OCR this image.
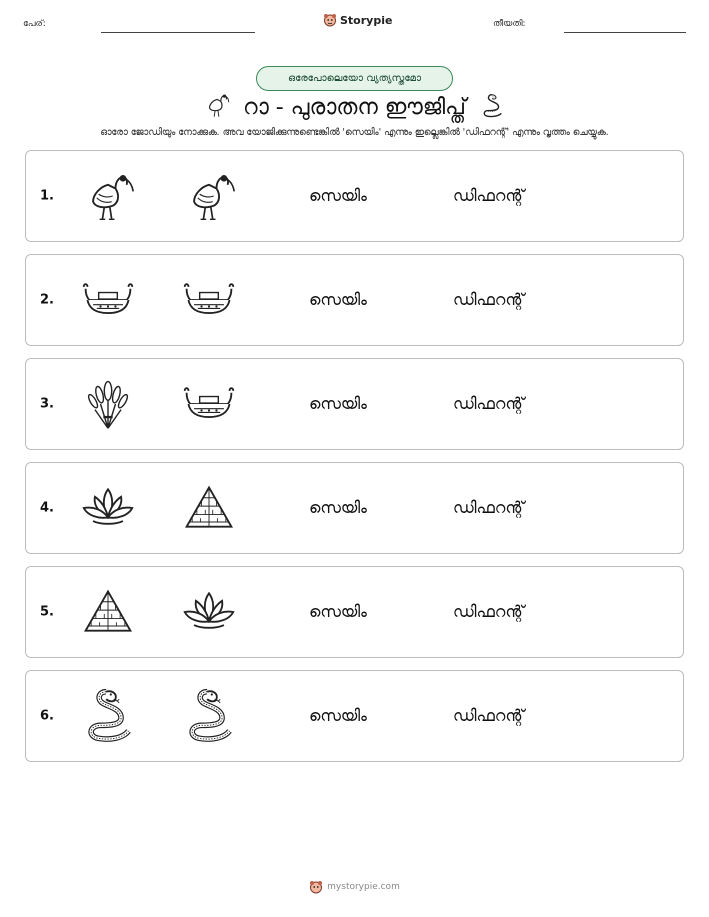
പേര്:	Storypie	തീയതി:
ഒരേപോലെയോ വ്യത്യസ്തമോ
റാ - പുരാതന ഈജിപ്ത്
ഓരോ ജോഡിയും നോക്കുക. അവ യോജിക്കുന്നുണ്ടെങ്കിൽ 'സെയിം' എന്നും ഇല്ലെങ്കിൽ 'ഡിഫറന്റ്' എന്നും വൃത്തം ചെയ്യുക.
1.	സെയിം	ഡിഫറന്റ്
2.	സെയിം	ഡിഫറന്റ്
3.	സെയിം	ഡിഫറന്റ്
4.	സെയിം	ഡിഫറന്റ്
5.	സെയിം	ഡിഫറന്റ്
6.	സെയിം	ഡിഫറന്റ്
mystorypie.com
